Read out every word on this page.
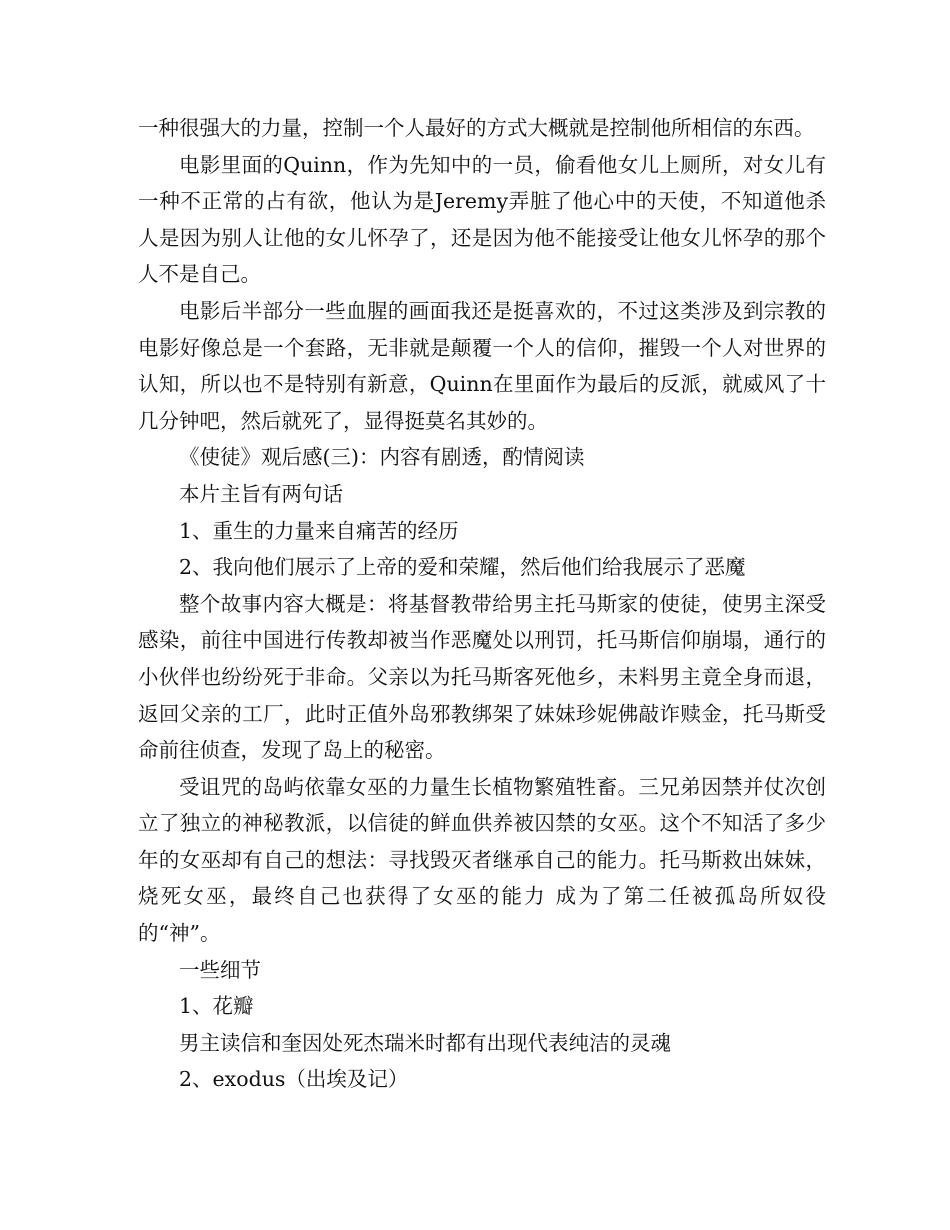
一种很强大的力量，控制一个人最好的方式大概就是控制他所相信的东西。

电影里面的Quinn，作为先知中的一员，偷看他女儿上厕所，对女儿有一种不正常的占有欲，他认为是Jeremy弄脏了他心中的天使，不知道他杀人是因为别人让他的女儿怀孕了，还是因为他不能接受让他女儿怀孕的那个人不是自己。

电影后半部分一些血腥的画面我还是挺喜欢的，不过这类涉及到宗教的电影好像总是一个套路，无非就是颠覆一个人的信仰，摧毁一个人对世界的认知，所以也不是特别有新意，Quinn在里面作为最后的反派，就威风了十几分钟吧，然后就死了，显得挺莫名其妙的。

《使徒》观后感(三)：内容有剧透，酌情阅读

本片主旨有两句话

1、重生的力量来自痛苦的经历

2、我向他们展示了上帝的爱和荣耀，然后他们给我展示了恶魔

整个故事内容大概是：将基督教带给男主托马斯家的使徒，使男主深受感染，前往中国进行传教却被当作恶魔处以刑罚，托马斯信仰崩塌，通行的小伙伴也纷纷死于非命。父亲以为托马斯客死他乡，未料男主竟全身而退，返回父亲的工厂，此时正值外岛邪教绑架了妹妹珍妮佛敲诈赎金，托马斯受命前往侦查，发现了岛上的秘密。

受诅咒的岛屿依靠女巫的力量生长植物繁殖牲畜。三兄弟因禁并仗次创立了独立的神秘教派，以信徒的鲜血供养被囚禁的女巫。这个不知活了多少年的女巫却有自己的想法：寻找毁灭者继承自己的能力。托马斯救出妹妹，烧死女巫，最终自己也获得了女巫的能力 成为了第二任被孤岛所奴役的“神”。

一些细节

1、花瓣

男主读信和奎因处死杰瑞米时都有出现代表纯洁的灵魂

2、exodus（出埃及记）
